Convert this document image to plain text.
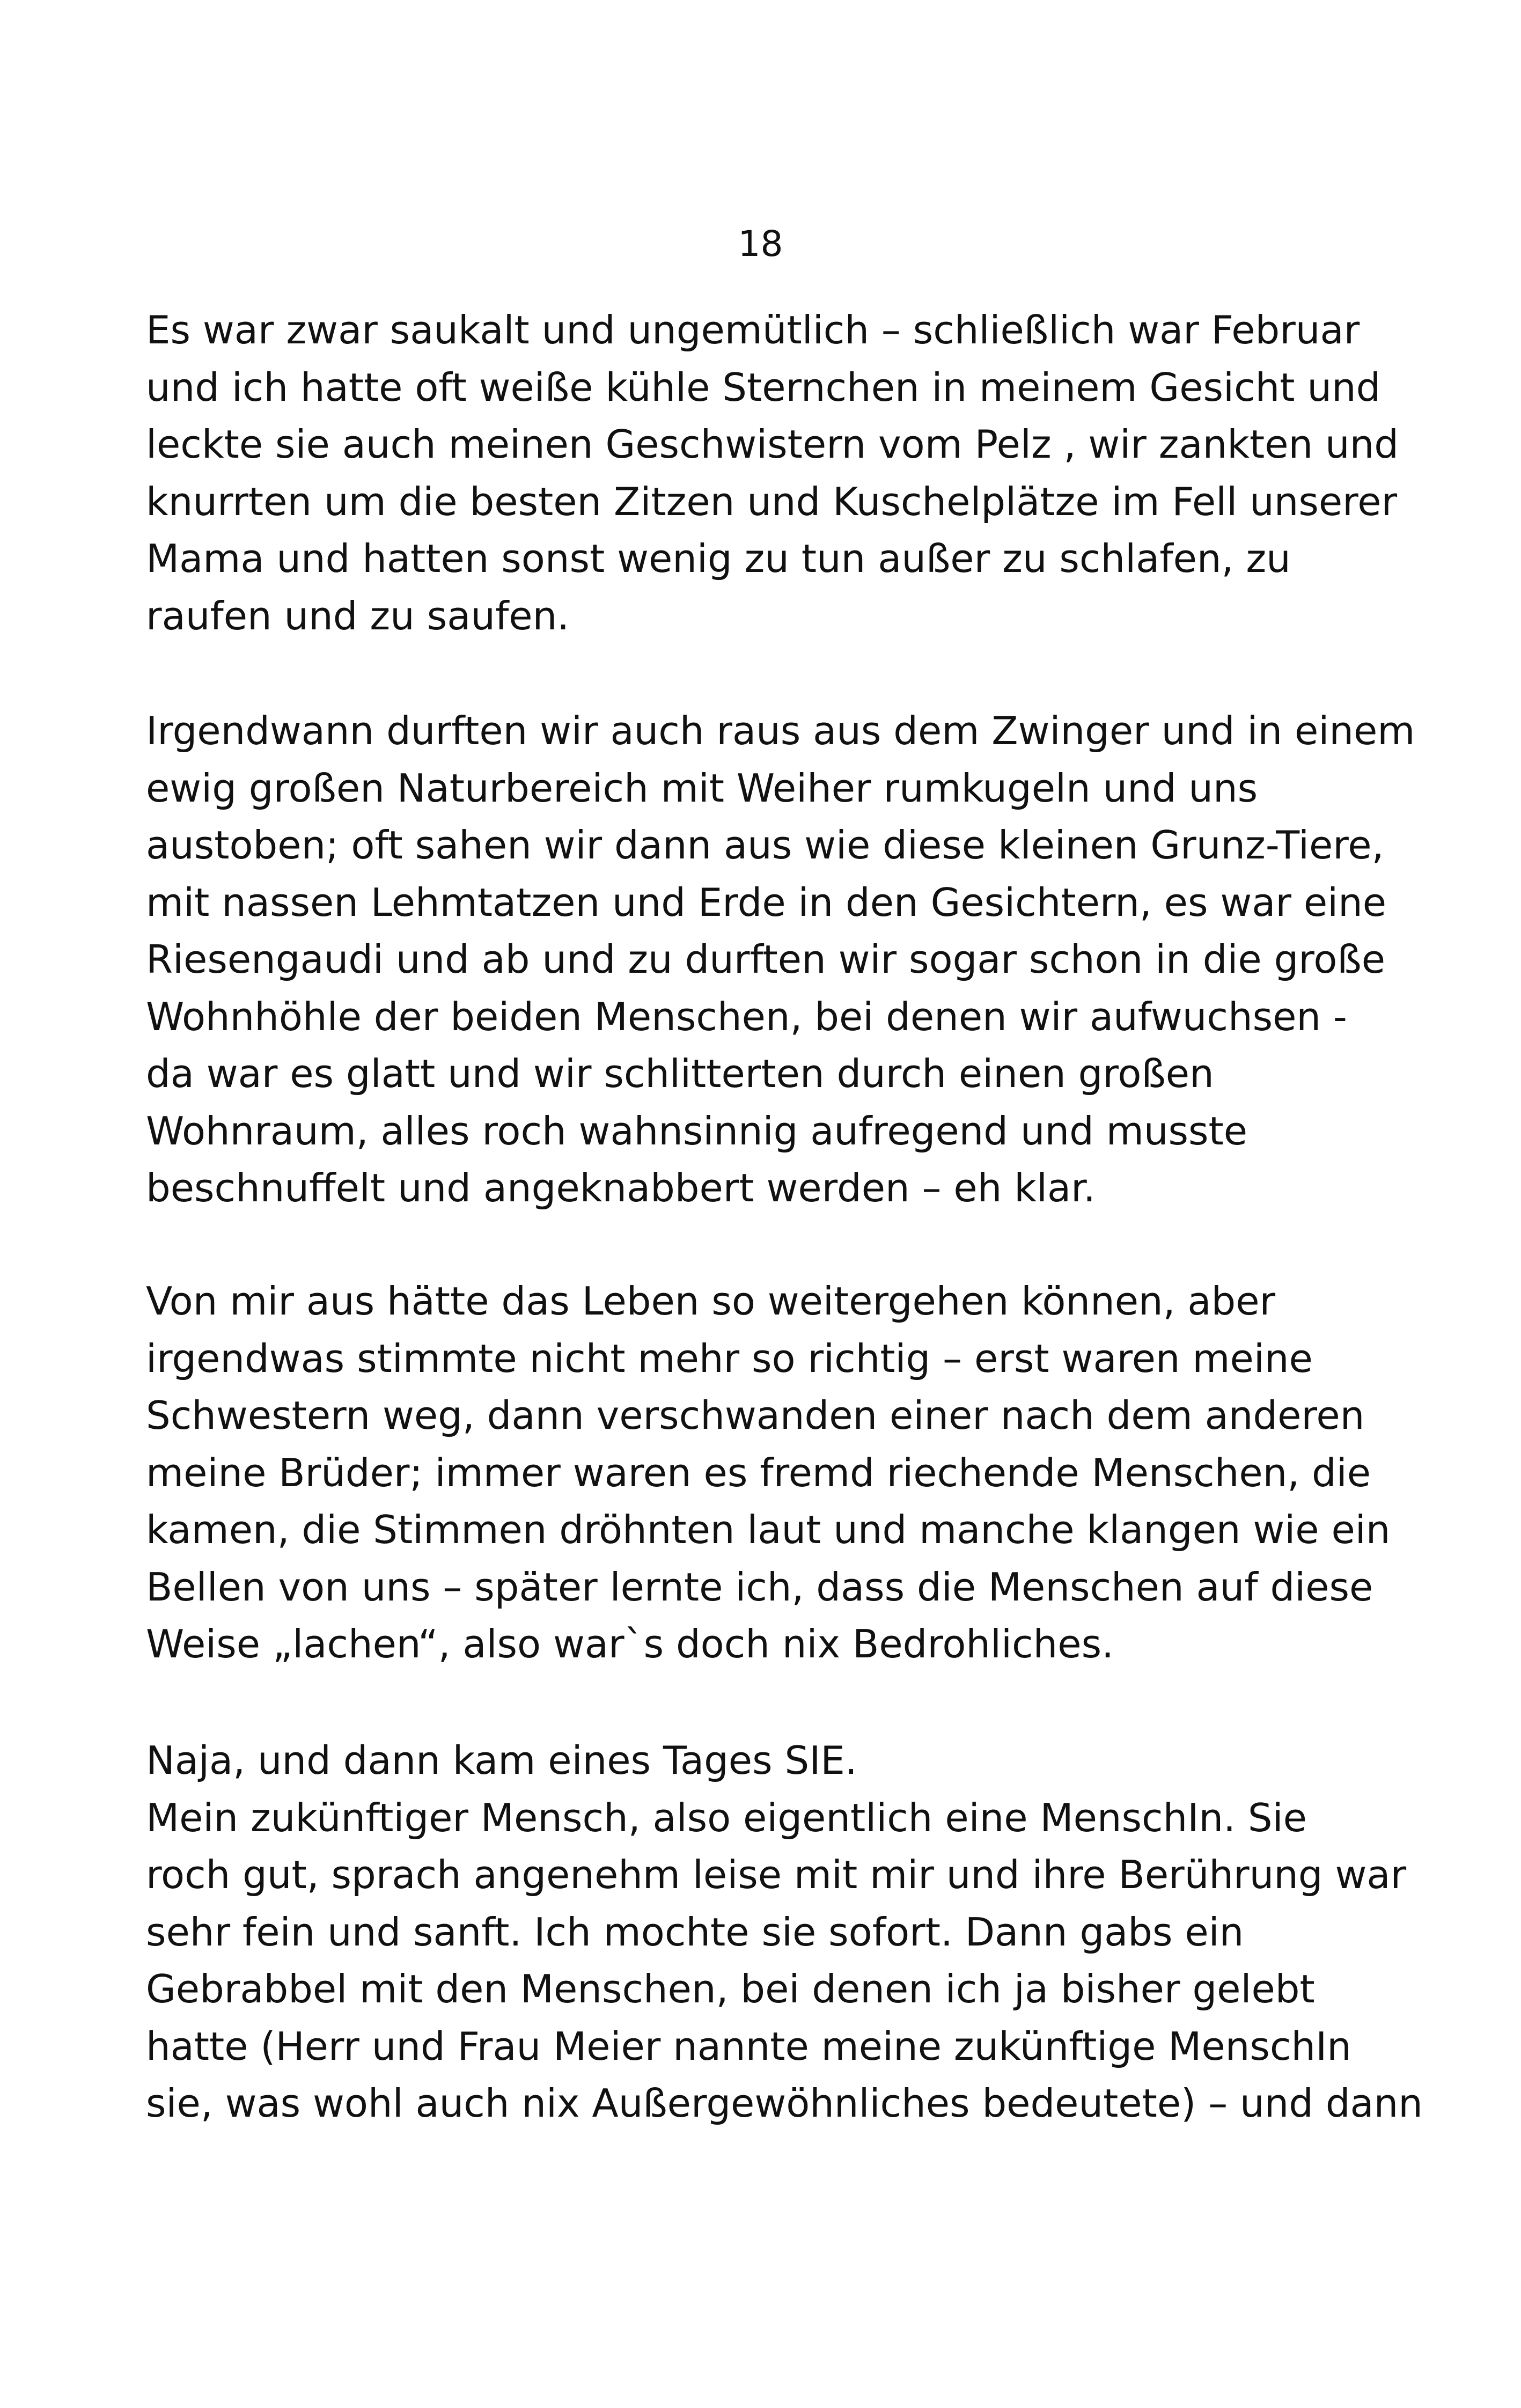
18
Es war zwar saukalt und ungemütlich – schließlich war Februar
und ich hatte oft weiße kühle Sternchen in meinem Gesicht und
leckte sie auch meinen Geschwistern vom Pelz , wir zankten und
knurrten um die besten Zitzen und Kuschelplätze im Fell unserer
Mama und hatten sonst wenig zu tun außer zu schlafen, zu
raufen und zu saufen.
Irgendwann durften wir auch raus aus dem Zwinger und in einem
ewig großen Naturbereich mit Weiher rumkugeln und uns
austoben; oft sahen wir dann aus wie diese kleinen Grunz-Tiere,
mit nassen Lehmtatzen und Erde in den Gesichtern, es war eine
Riesengaudi und ab und zu durften wir sogar schon in die große
Wohnhöhle der beiden Menschen, bei denen wir aufwuchsen -
da war es glatt und wir schlitterten durch einen großen
Wohnraum, alles roch wahnsinnig aufregend und musste
beschnuffelt und angeknabbert werden – eh klar.
Von mir aus hätte das Leben so weitergehen können, aber
irgendwas stimmte nicht mehr so richtig – erst waren meine
Schwestern weg, dann verschwanden einer nach dem anderen
meine Brüder; immer waren es fremd riechende Menschen, die
kamen, die Stimmen dröhnten laut und manche klangen wie ein
Bellen von uns – später lernte ich, dass die Menschen auf diese
Weise „lachen“, also war`s doch nix Bedrohliches.
Naja, und dann kam eines Tages SIE.
Mein zukünftiger Mensch, also eigentlich eine MenschIn. Sie
roch gut, sprach angenehm leise mit mir und ihre Berührung war
sehr fein und sanft. Ich mochte sie sofort. Dann gabs ein
Gebrabbel mit den Menschen, bei denen ich ja bisher gelebt
hatte (Herr und Frau Meier nannte meine zukünftige MenschIn
sie, was wohl auch nix Außergewöhnliches bedeutete) – und dann
